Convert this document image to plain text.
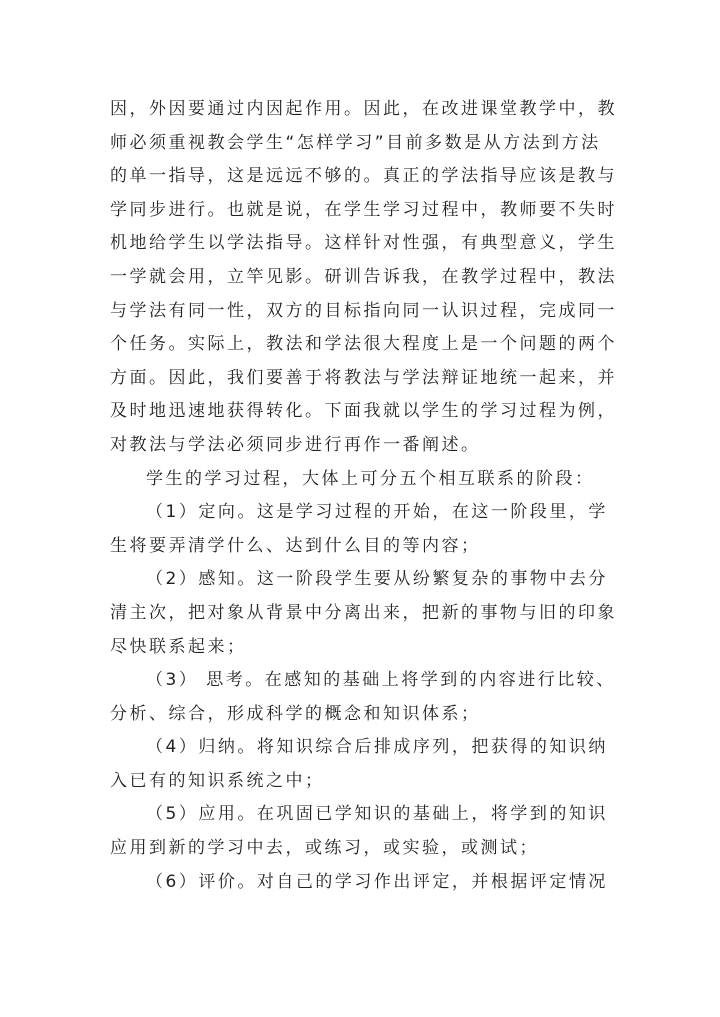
因，外因要通过内因起作用。因此，在改进课堂教学中，教
师必须重视教会学生“怎样学习”目前多数是从方法到方法
的单一指导，这是远远不够的。真正的学法指导应该是教与
学同步进行。也就是说，在学生学习过程中，教师要不失时
机地给学生以学法指导。这样针对性强，有典型意义，学生
一学就会用，立竿见影。研训告诉我，在教学过程中，教法
与学法有同一性，双方的目标指向同一认识过程，完成同一
个任务。实际上，教法和学法很大程度上是一个问题的两个
方面。因此，我们要善于将教法与学法辩证地统一起来，并
及时地迅速地获得转化。下面我就以学生的学习过程为例，
对教法与学法必须同步进行再作一番阐述。
学生的学习过程，大体上可分五个相互联系的阶段：
（1）定向。这是学习过程的开始，在这一阶段里，学
生将要弄清学什么、达到什么目的等内容；
（2）感知。这一阶段学生要从纷繁复杂的事物中去分
清主次，把对象从背景中分离出来，把新的事物与旧的印象
尽快联系起来；
（3） 思考。在感知的基础上将学到的内容进行比较、
分析、综合，形成科学的概念和知识体系；
（4）归纳。将知识综合后排成序列，把获得的知识纳
入已有的知识系统之中；
（5）应用。在巩固已学知识的基础上，将学到的知识
应用到新的学习中去，或练习，或实验，或测试；
（6）评价。对自己的学习作出评定，并根据评定情况
